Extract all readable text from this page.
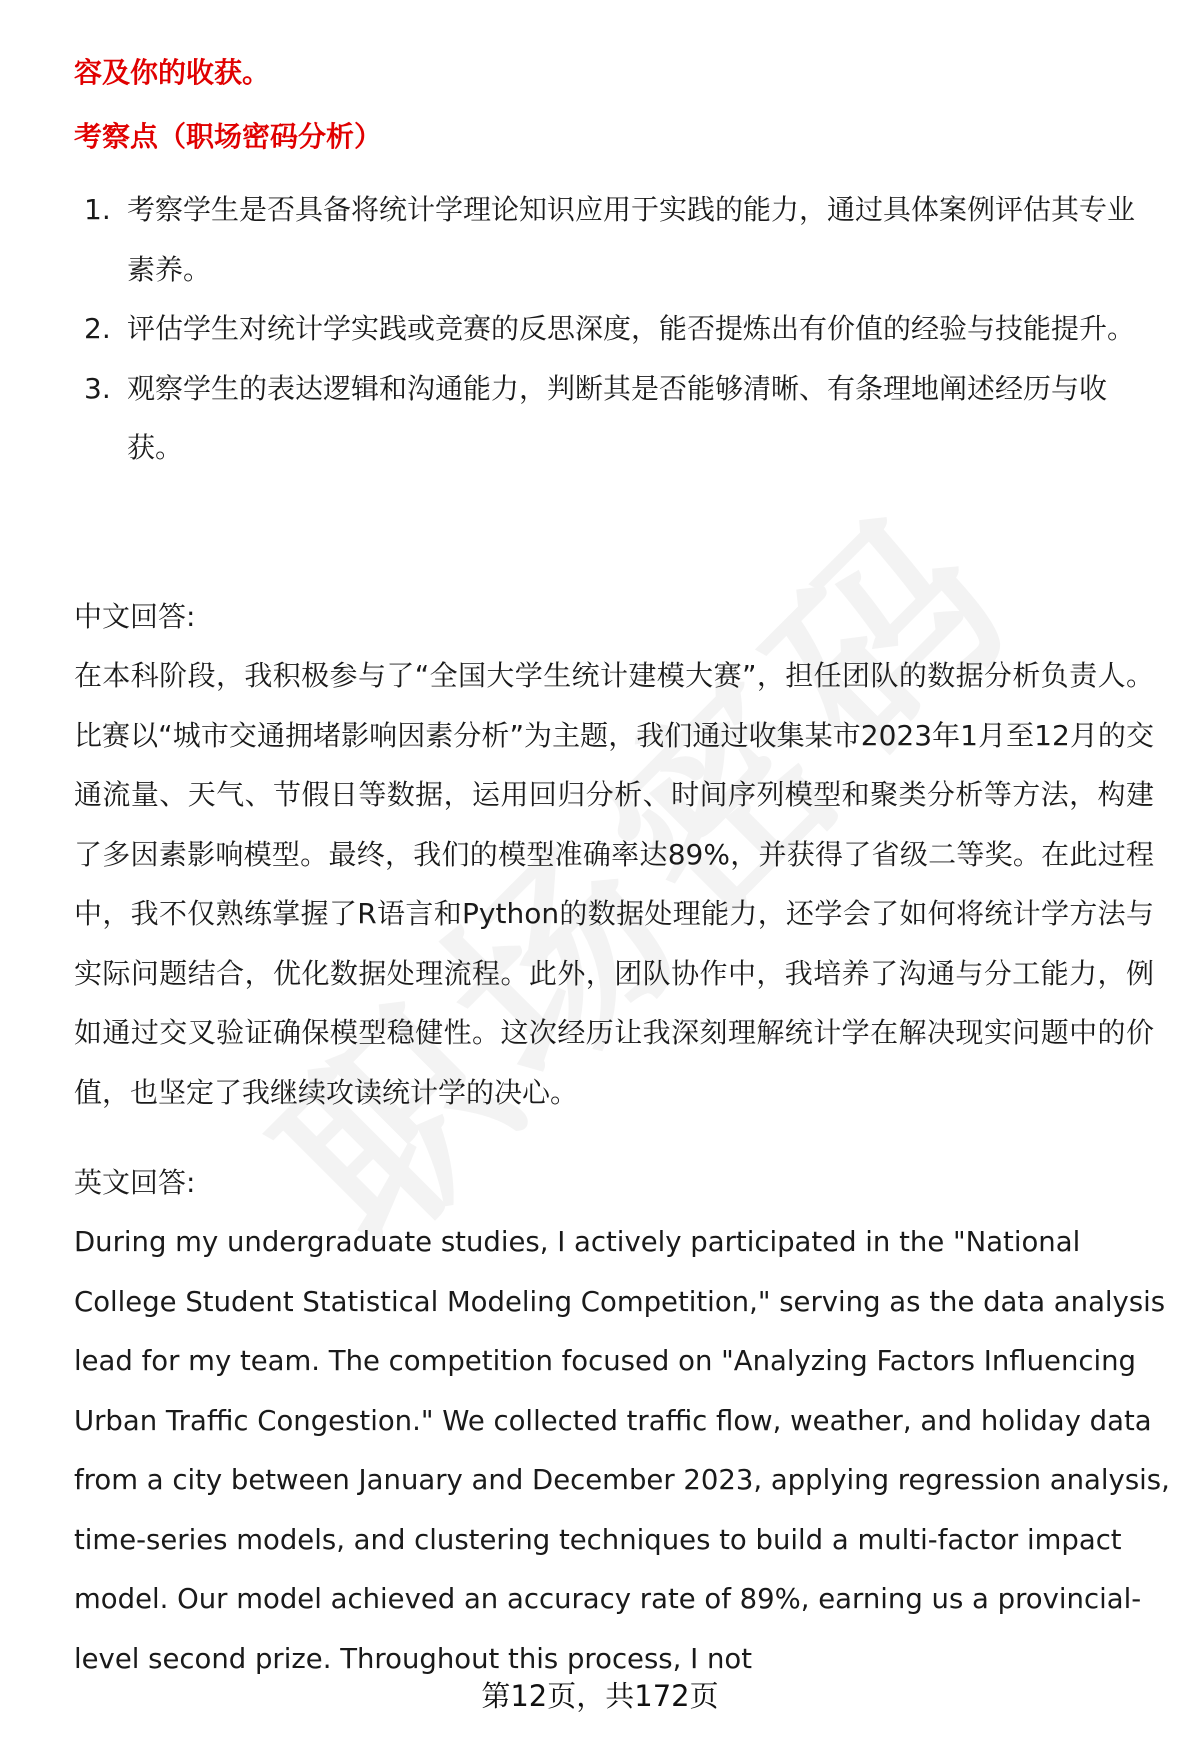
容及你的收获。
考察点（职场密码分析）
1. 考察学生是否具备将统计学理论知识应用于实践的能力，通过具体案例评估其专业素养。
2. 评估学生对统计学实践或竞赛的反思深度，能否提炼出有价值的经验与技能提升。
3. 观察学生的表达逻辑和沟通能力，判断其是否能够清晰、有条理地阐述经历与收获。
中文回答:
在本科阶段，我积极参与了“全国大学生统计建模大赛”，担任团队的数据分析负责人。比赛以“城市交通拥堵影响因素分析”为主题，我们通过收集某市2023年1月至12月的交通流量、天气、节假日等数据，运用回归分析、时间序列模型和聚类分析等方法，构建了多因素影响模型。最终，我们的模型准确率达89%，并获得了省级二等奖。在此过程中，我不仅熟练掌握了R语言和Python的数据处理能力，还学会了如何将统计学方法与实际问题结合，优化数据处理流程。此外，团队协作中，我培养了沟通与分工能力，例如通过交叉验证确保模型稳健性。这次经历让我深刻理解统计学在解决现实问题中的价值，也坚定了我继续攻读统计学的决心。
英文回答:
During my undergraduate studies, I actively participated in the "National College Student Statistical Modeling Competition," serving as the data analysis lead for my team. The competition focused on "Analyzing Factors Influencing Urban Traffic Congestion." We collected traffic flow, weather, and holiday data from a city between January and December 2023, applying regression analysis, time-series models, and clustering techniques to build a multi-factor impact model. Our model achieved an accuracy rate of 89%, earning us a provincial-level second prize. Throughout this process, I not
第12页，共172页
